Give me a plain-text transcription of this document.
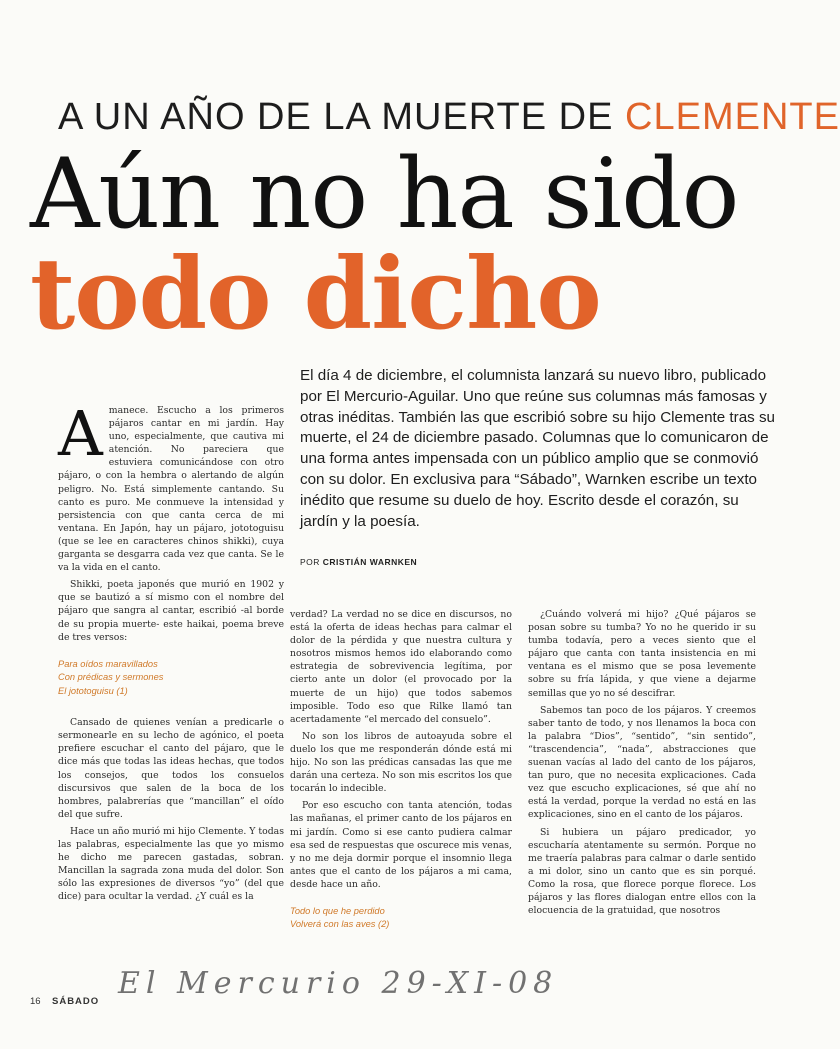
A UN AÑO DE LA MUERTE DE CLEMENTE
Aún no ha sido
todo dicho
El día 4 de diciembre, el columnista lanzará su nuevo libro, publicado por El Mercurio-Aguilar. Uno que reúne sus columnas más famosas y otras inéditas. También las que escribió sobre su hijo Clemente tras su muerte, el 24 de diciembre pasado. Columnas que lo comunicaron de una forma antes impensada con un público amplio que se conmovió con su dolor. En exclusiva para “Sábado”, Warnken escribe un texto inédito que resume su duelo de hoy. Escrito desde el corazón, su jardín y la poesía.
POR CRISTIÁN WARNKEN

Amanece. Escucho a los primeros pájaros cantar en mi jardín. Hay uno, especialmente, que cautiva mi atención. No pareciera que estuviera comunicándose con otro pájaro, o con la hembra o alertando de algún peligro. No. Está simplemente cantando. Su canto es puro. Me conmueve la intensidad y persistencia con que canta cerca de mi ventana. En Japón, hay un pájaro, jototoguisu (que se lee en caracteres chinos shikki), cuya garganta se desgarra cada vez que canta. Se le va la vida en el canto.

Shikki, poeta japonés que murió en 1902 y que se bautizó a sí mismo con el nombre del pájaro que sangra al cantar, escribió -al borde de su propia muerte- este haikai, poema breve de tres versos:

Para oídos maravillados
Con prédicas y sermones
El jototoguisu (1)

Cansado de quienes venían a predicarle o sermonearle en su lecho de agónico, el poeta prefiere escuchar el canto del pájaro, que le dice más que todas las ideas hechas, que todos los consejos, que todos los consuelos discursivos que salen de la boca de los hombres, palabrerías que “mancillan” el oído del que sufre.

Hace un año murió mi hijo Clemente. Y todas las palabras, especialmente las que yo mismo he dicho me parecen gastadas, sobran. Mancillan la sagrada zona muda del dolor. Son sólo las expresiones de diversos “yo” (del que dice) para ocultar la verdad. ¿Y cuál es la

verdad? La verdad no se dice en discursos, no está la oferta de ideas hechas para calmar el dolor de la pérdida y que nuestra cultura y nosotros mismos hemos ido elaborando como estrategia de sobrevivencia legítima, por cierto ante un dolor (el provocado por la muerte de un hijo) que todos sabemos imposible. Todo eso que Rilke llamó tan acertadamente “el mercado del consuelo”.

No son los libros de autoayuda sobre el duelo los que me responderán dónde está mi hijo. No son las prédicas cansadas las que me darán una certeza. No son mis escritos los que tocarán lo indecible.

Por eso escucho con tanta atención, todas las mañanas, el primer canto de los pájaros en mi jardín. Como si ese canto pudiera calmar esa sed de respuestas que oscurece mis venas, y no me deja dormir porque el insomnio llega antes que el canto de los pájaros a mi cama, desde hace un año.

Todo lo que he perdido
Volverá con las aves (2)

¿Cuándo volverá mi hijo? ¿Qué pájaros se posan sobre su tumba? Yo no he querido ir su tumba todavía, pero a veces siento que el pájaro que canta con tanta insistencia en mi ventana es el mismo que se posa levemente sobre su fría lápida, y que viene a dejarme semillas que yo no sé descifrar.

Sabemos tan poco de los pájaros. Y creemos saber tanto de todo, y nos llenamos la boca con la palabra “Dios”, “sentido”, “sin sentido”, “trascendencia”, “nada”, abstracciones que suenan vacías al lado del canto de los pájaros, tan puro, que no necesita explicaciones. Cada vez que escucho explicaciones, sé que ahí no está la verdad, porque la verdad no está en las explicaciones, sino en el canto de los pájaros.

Si hubiera un pájaro predicador, yo escucharía atentamente su sermón. Porque no me traería palabras para calmar o darle sentido a mi dolor, sino un canto que es sin porqué. Como la rosa, que florece porque florece. Los pájaros y las flores dialogan entre ellos con la elocuencia de la gratuidad, que nosotros

El Mercurio 29-XI-08
16 SÁBADO
